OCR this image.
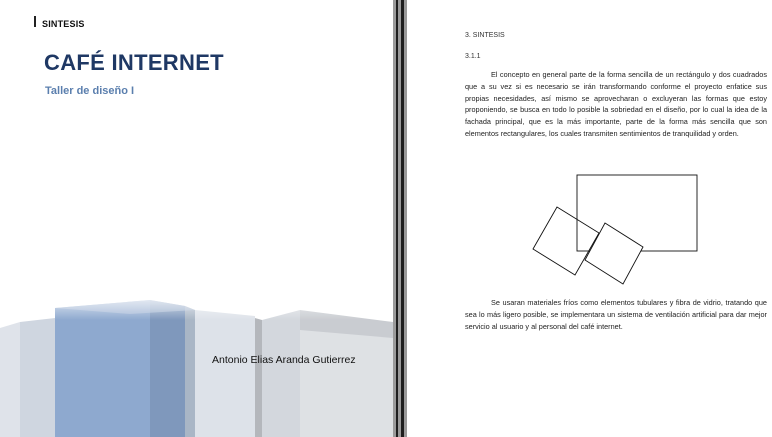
SINTESIS
CAFÉ INTERNET
Taller de diseño I
Antonio Elias Aranda Gutierrez
3. SINTESIS
3.1.1
El concepto en general parte de la forma sencilla de un rectángulo y dos cuadrados que a su vez si es necesario se irán transformando conforme el proyecto enfatice sus propias necesidades, así mismo se aprovecharan o excluyeran las formas que estoy proponiendo, se busca en todo lo posible la sobriedad en el diseño, por lo cual la idea de la fachada principal, que es la más importante, parte de la forma más sencilla que son elementos rectangulares, los cuales transmiten sentimientos de tranquilidad y orden.
Se usaran materiales fríos como elementos tubulares y fibra de vidrio, tratando que sea lo más ligero posible, se implementara un sistema de ventilación artificial para dar mejor servicio al usuario y al personal del café internet.
